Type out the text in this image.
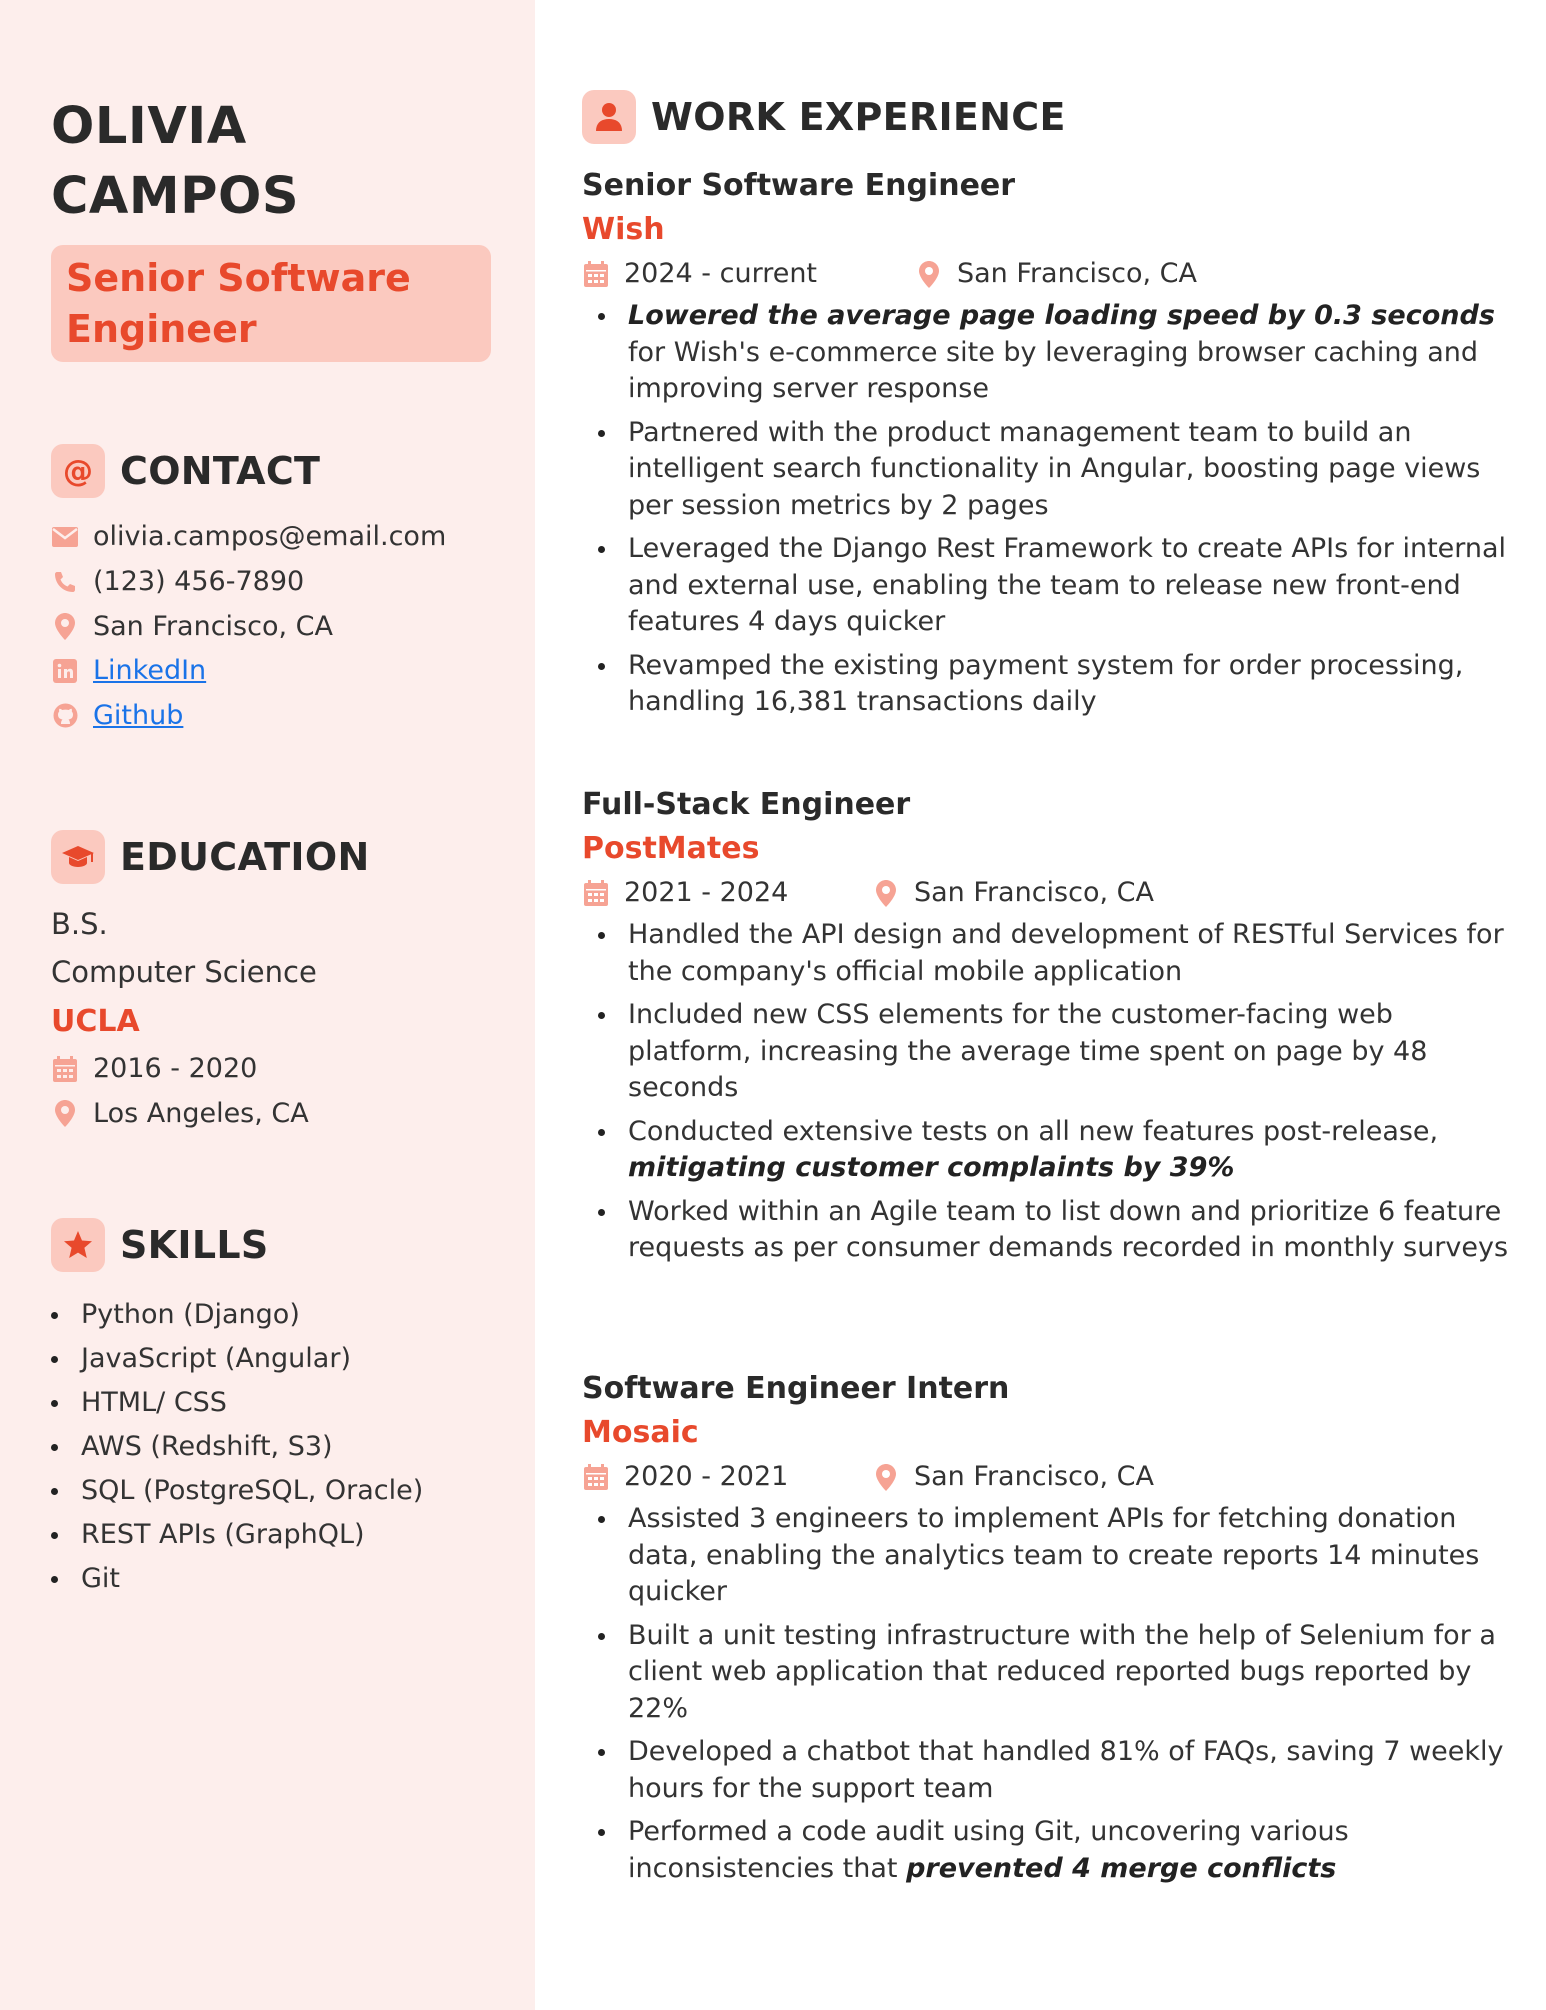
OLIVIA
CAMPOS
Senior Software Engineer
@ CONTACT
olivia.campos@email.com
(123) 456-7890
San Francisco, CA
LinkedIn
Github
EDUCATION
B.S.
Computer Science
UCLA
2016 - 2020
Los Angeles, CA
SKILLS
Python (Django)
JavaScript (Angular)
HTML/ CSS
AWS (Redshift, S3)
SQL (PostgreSQL, Oracle)
REST APIs (GraphQL)
Git
WORK EXPERIENCE
Senior Software Engineer
Wish
2024 - current	San Francisco, CA
Lowered the average page loading speed by 0.3 seconds for Wish's e-commerce site by leveraging browser caching and improving server response
Partnered with the product management team to build an intelligent search functionality in Angular, boosting page views per session metrics by 2 pages
Leveraged the Django Rest Framework to create APIs for internal and external use, enabling the team to release new front-end features 4 days quicker
Revamped the existing payment system for order processing, handling 16,381 transactions daily
Full-Stack Engineer
PostMates
2021 - 2024	San Francisco, CA
Handled the API design and development of RESTful Services for the company's official mobile application
Included new CSS elements for the customer-facing web platform, increasing the average time spent on page by 48 seconds
Conducted extensive tests on all new features post-release, mitigating customer complaints by 39%
Worked within an Agile team to list down and prioritize 6 feature requests as per consumer demands recorded in monthly surveys
Software Engineer Intern
Mosaic
2020 - 2021	San Francisco, CA
Assisted 3 engineers to implement APIs for fetching donation data, enabling the analytics team to create reports 14 minutes quicker
Built a unit testing infrastructure with the help of Selenium for a client web application that reduced reported bugs reported by 22%
Developed a chatbot that handled 81% of FAQs, saving 7 weekly hours for the support team
Performed a code audit using Git, uncovering various inconsistencies that prevented 4 merge conflicts
